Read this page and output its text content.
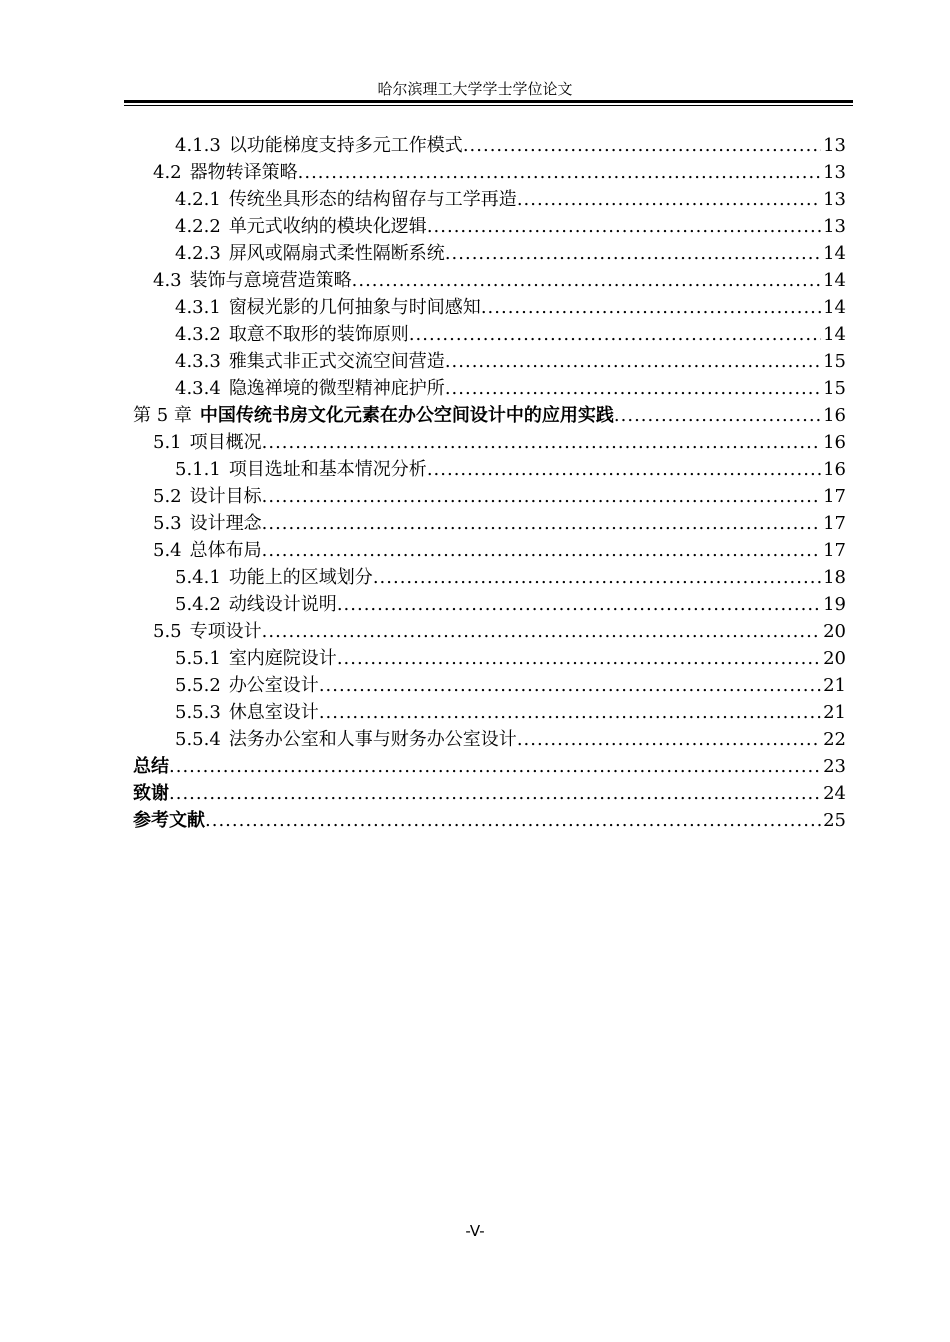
哈尔滨理工大学学士学位论文
4.1.3 以功能梯度支持多元工作模式 .....	13
4.2 器物转译策略 .....	13
4.2.1 传统坐具形态的结构留存与工学再造 .....	13
4.2.2 单元式收纳的模块化逻辑 .....	13
4.2.3 屏风或隔扇式柔性隔断系统 .....	14
4.3 装饰与意境营造策略 .....	14
4.3.1 窗棂光影的几何抽象与时间感知 .....	14
4.3.2 取意不取形的装饰原则 .....	14
4.3.3 雅集式非正式交流空间营造 .....	15
4.3.4 隐逸禅境的微型精神庇护所 .....	15
第 5 章 中国传统书房文化元素在办公空间设计中的应用实践 .....	16
5.1 项目概况 .....	16
5.1.1 项目选址和基本情况分析 .....	16
5.2 设计目标 .....	17
5.3 设计理念 .....	17
5.4 总体布局 .....	17
5.4.1 功能上的区域划分 .....	18
5.4.2 动线设计说明 .....	19
5.5 专项设计 .....	20
5.5.1 室内庭院设计 .....	20
5.5.2 办公室设计 .....	21
5.5.3 休息室设计 .....	21
5.5.4 法务办公室和人事与财务办公室设计 .....	22
总结 .....	23
致谢 .....	24
参考文献 .....	25
-V-
